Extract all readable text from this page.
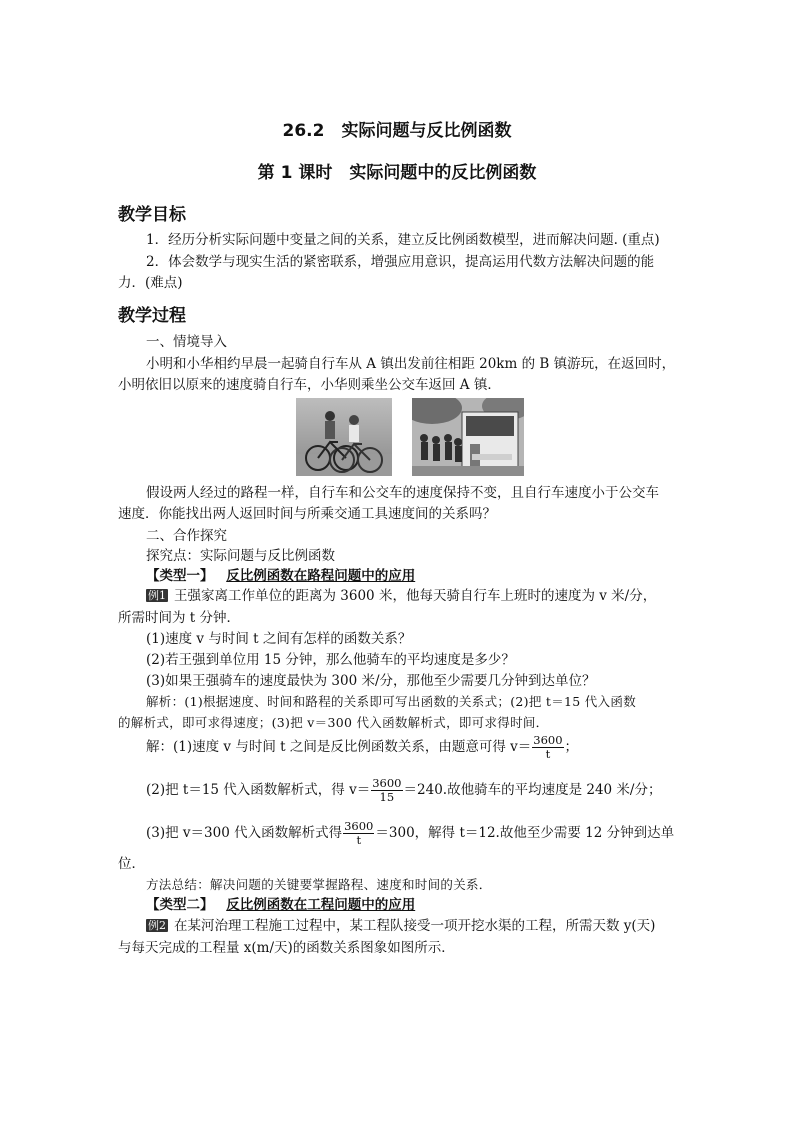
26.2　实际问题与反比例函数
第 1 课时　实际问题中的反比例函数
教学目标
1．经历分析实际问题中变量之间的关系，建立反比例函数模型，进而解决问题. (重点)
2．体会数学与现实生活的紧密联系，增强应用意识，提高运用代数方法解决问题的能
力．(难点)
教学过程
一、情境导入
小明和小华相约早晨一起骑自行车从 A 镇出发前往相距 20km 的 B 镇游玩，在返回时，
小明依旧以原来的速度骑自行车，小华则乘坐公交车返回 A 镇．
假设两人经过的路程一样，自行车和公交车的速度保持不变，且自行车速度小于公交车
速度．你能找出两人返回时间与所乘交通工具速度间的关系吗？
二、合作探究
探究点：实际问题与反比例函数
【类型一】 反比例函数在路程问题中的应用
例1 王强家离工作单位的距离为 3600 米，他每天骑自行车上班时的速度为 v 米/分，
所需时间为 t 分钟．
(1)速度 v 与时间 t 之间有怎样的函数关系？
(2)若王强到单位用 15 分钟，那么他骑车的平均速度是多少？
(3)如果王强骑车的速度最快为 300 米/分，那他至少需要几分钟到达单位？
解析：(1)根据速度、时间和路程的关系即可写出函数的关系式；(2)把 t＝15 代入函数
的解析式，即可求得速度；(3)把 v＝300 代入函数解析式，即可求得时间．
解：(1)速度 v 与时间 t 之间是反比例函数关系，由题意可得 $v= \frac{3600}{t}$ ；
(2)把 t＝15 代入函数解析式，得 $v= \frac{3600}{15} =240$.故他骑车的平均速度是 240 米/分；
(3)把 v＝300 代入函数解析式得 $\frac{3600}{t} =300$，解得 t＝12.故他至少需要 12 分钟到达单
位．
方法总结：解决问题的关键要掌握路程、速度和时间的关系．
【类型二】 反比例函数在工程问题中的应用
例2 在某河治理工程施工过程中，某工程队接受一项开挖水渠的工程，所需天数 y(天)
与每天完成的工程量 x(m/天)的函数关系图象如图所示．
